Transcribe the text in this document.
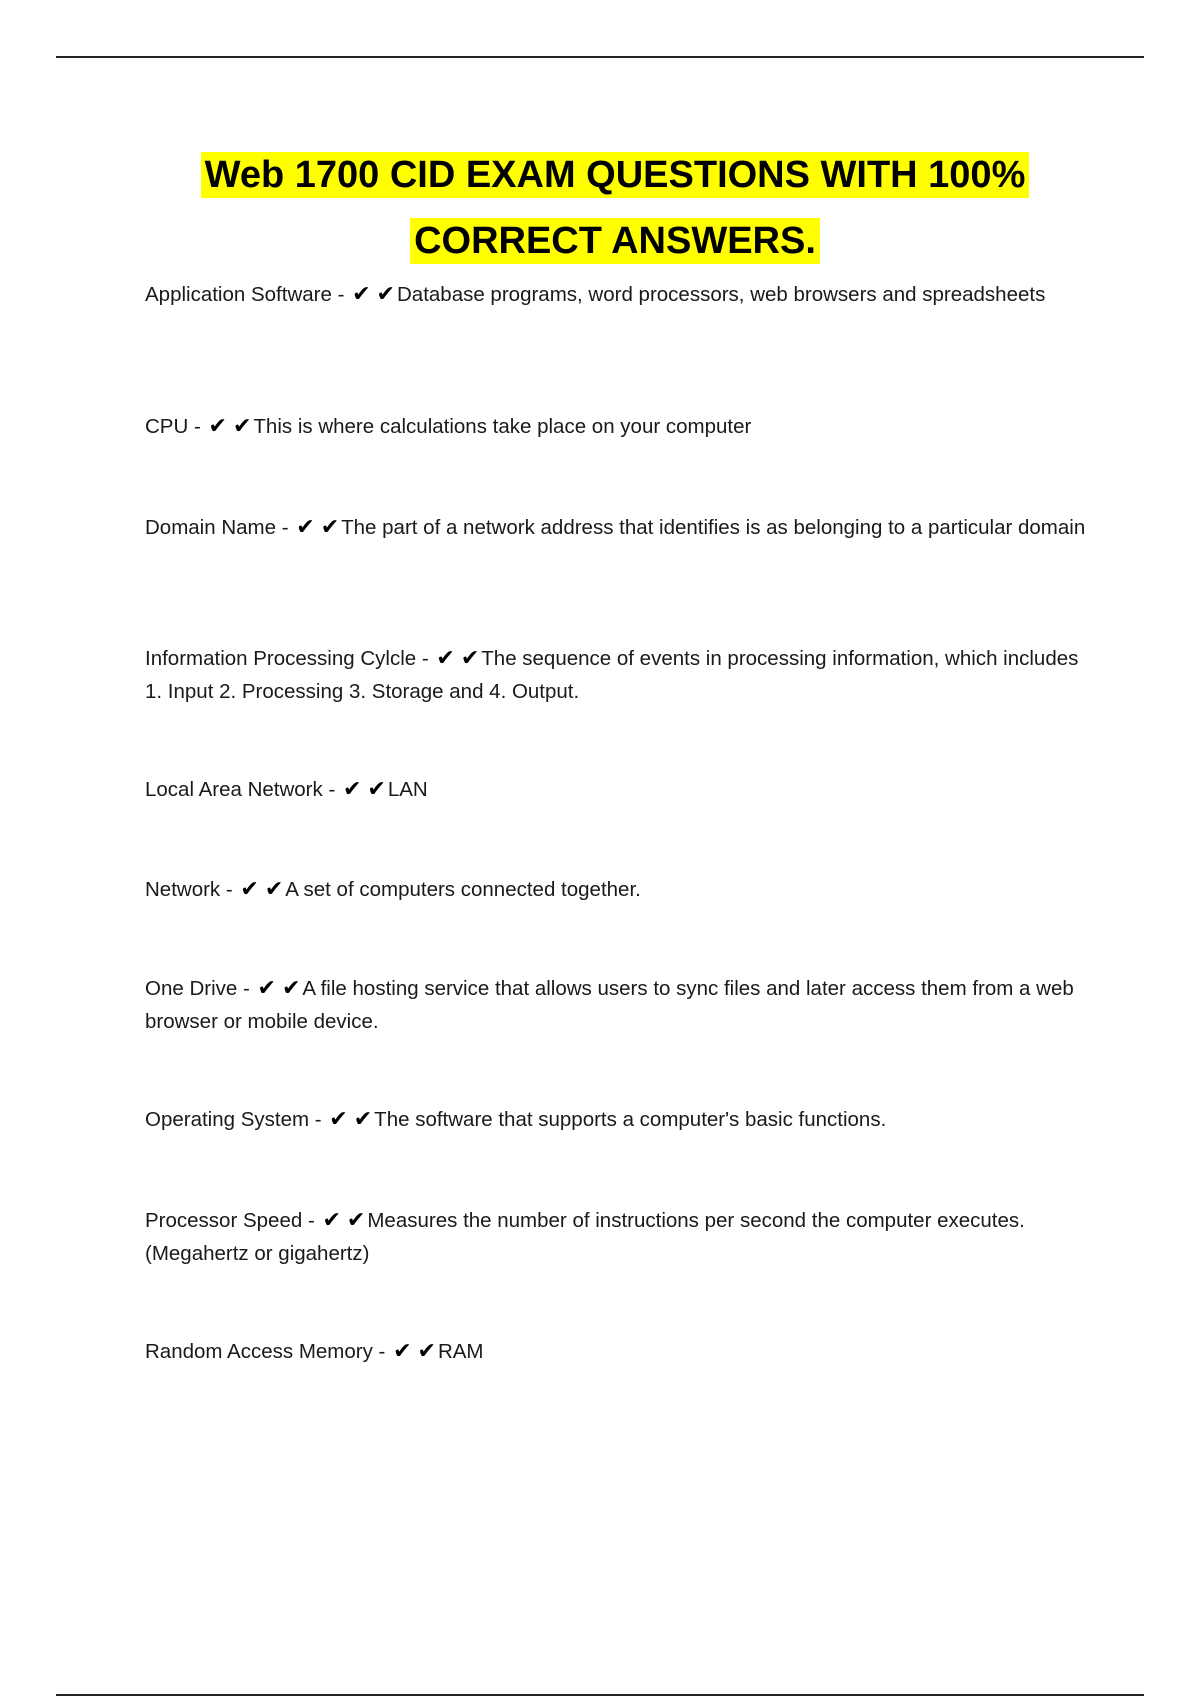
Web 1700 CID EXAM QUESTIONS WITH 100%
CORRECT ANSWERS.
Application Software - ✔ ✔Database programs, word processors, web browsers and spreadsheets
CPU - ✔ ✔This is where calculations take place on your computer
Domain Name - ✔ ✔The part of a network address that identifies is as belonging to a particular domain
Information Processing Cylcle - ✔ ✔The sequence of events in processing information, which includes 1. Input 2. Processing 3. Storage and 4. Output.
Local Area Network - ✔ ✔LAN
Network - ✔ ✔A set of computers connected together.
One Drive - ✔ ✔A file hosting service that allows users to sync files and later access them from a web browser or mobile device.
Operating System - ✔ ✔The software that supports a computer's basic functions.
Processor Speed - ✔ ✔Measures the number of instructions per second the computer executes. (Megahertz or gigahertz)
Random Access Memory - ✔ ✔RAM
